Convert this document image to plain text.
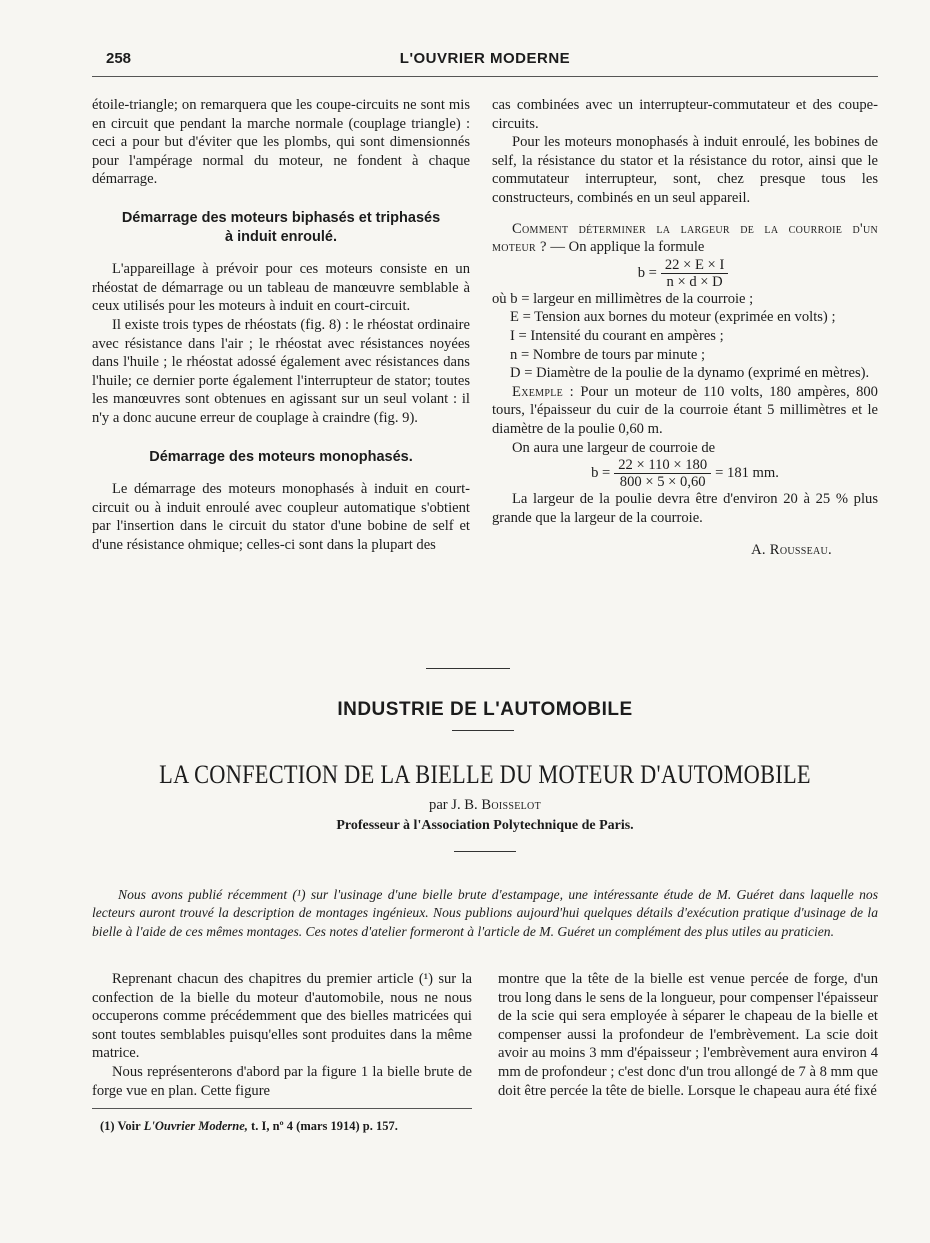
258	L'OUVRIER MODERNE

étoile-triangle; on remarquera que les coupe-circuits ne sont mis en circuit que pendant la marche normale (couplage triangle) : ceci a pour but d'éviter que les plombs, qui sont dimensionnés pour l'ampérage normal du moteur, ne fondent à chaque démarrage.

Démarrage des moteurs biphasés et triphasés
à induit enroulé.

L'appareillage à prévoir pour ces moteurs consiste en un rhéostat de démarrage ou un tableau de manœuvre semblable à ceux utilisés pour les moteurs à induit en court-circuit.

Il existe trois types de rhéostats (fig. 8) : le rhéostat ordinaire avec résistance dans l'air ; le rhéostat avec résistances noyées dans l'huile ; le rhéostat adossé également avec résistances dans l'huile; ce dernier porte également l'interrupteur de stator; toutes les manœuvres sont obtenues en agissant sur un seul volant : il n'y a donc aucune erreur de couplage à craindre (fig. 9).

Démarrage des moteurs monophasés.

Le démarrage des moteurs monophasés à induit en court-circuit ou à induit enroulé avec coupleur automatique s'obtient par l'insertion dans le circuit du stator d'une bobine de self et d'une résistance ohmique; celles-ci sont dans la plupart des

cas combinées avec un interrupteur-commutateur et des coupe-circuits.

Pour les moteurs monophasés à induit enroulé, les bobines de self, la résistance du stator et la résistance du rotor, ainsi que le commutateur interrupteur, sont, chez presque tous les constructeurs, combinés en un seul appareil.

Comment déterminer la largeur de la courroie d'un moteur ? — On applique la formule

$b = \frac{22 \times E \times I}{n \times d \times D}$
où b = largeur en millimètres de la courroie ;
E = Tension aux bornes du moteur (exprimée en volts) ;
I = Intensité du courant en ampères ;
n = Nombre de tours par minute ;
D = Diamètre de la poulie de la dynamo (exprimé en mètres).

Exemple : Pour un moteur de 110 volts, 180 ampères, 800 tours, l'épaisseur du cuir de la courroie étant 5 millimètres et le diamètre de la poulie 0,60 m.

On aura une largeur de courroie de

$b = \frac{22 \times 110 \times 180}{800 \times 5 \times 0,60} = 181$ mm.

La largeur de la poulie devra être d'environ 20 à 25 % plus grande que la largeur de la courroie.

A. Rousseau.
INDUSTRIE DE L'AUTOMOBILE
LA CONFECTION DE LA BIELLE DU MOTEUR D'AUTOMOBILE
par J. B. Boisselot
Professeur à l'Association Polytechnique de Paris.

Nous avons publié récemment (¹) sur l'usinage d'une bielle brute d'estampage, une intéressante étude de M. Guéret dans laquelle nos lecteurs auront trouvé la description de montages ingénieux. Nous publions aujourd'hui quelques détails d'exécution pratique d'usinage de la bielle à l'aide de ces mêmes montages. Ces notes d'atelier formeront à l'article de M. Guéret un complément des plus utiles au praticien.

Reprenant chacun des chapitres du premier article (¹) sur la confection de la bielle du moteur d'automobile, nous ne nous occuperons comme précédemment que des bielles matricées qui sont toutes semblables puisqu'elles sont produites dans la même matrice.

Nous représenterons d'abord par la figure 1 la bielle brute de forge vue en plan. Cette figure

montre que la tête de la bielle est venue percée de forge, d'un trou long dans le sens de la longueur, pour compenser l'épaisseur de la scie qui sera employée à séparer le chapeau de la bielle et compenser aussi la profondeur de l'embrèvement. La scie doit avoir au moins 3 mm d'épaisseur ; l'embrèvement aura environ 4 mm de profondeur ; c'est donc d'un trou allongé de 7 à 8 mm que doit être percée la tête de bielle. Lorsque le chapeau aura été fixé

(1) Voir L'Ouvrier Moderne, t. I, nº 4 (mars 1914) p. 157.
